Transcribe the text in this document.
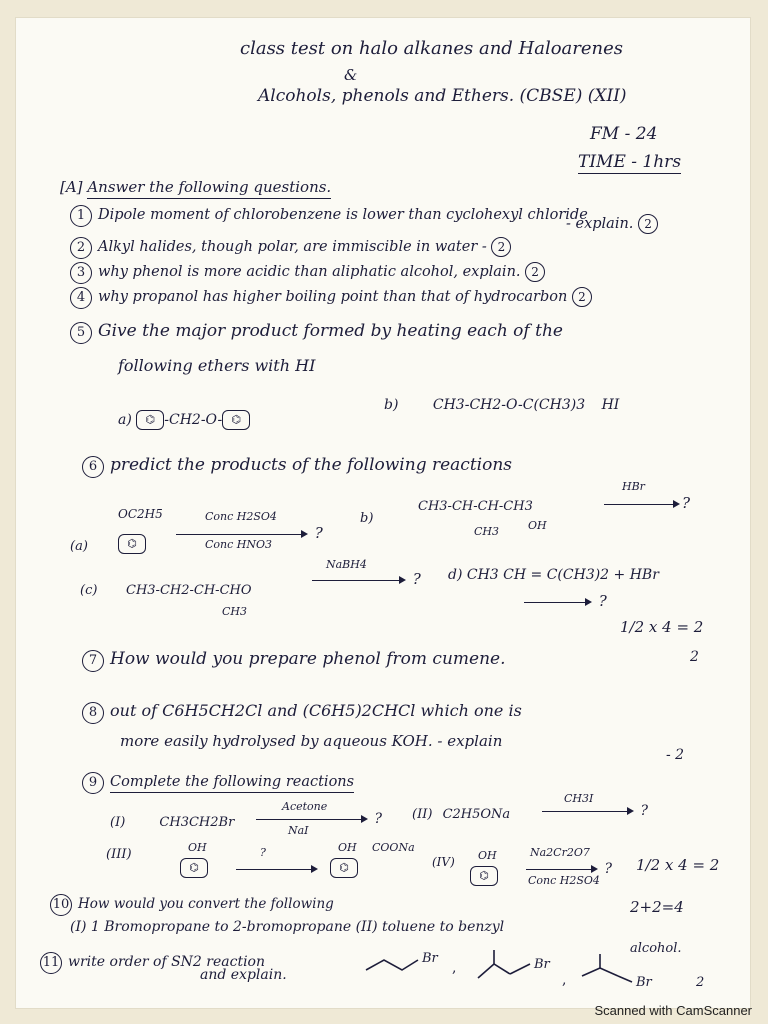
class test on halo alkanes and Haloarenes
&
Alcohols, phenols and Ethers. (CBSE) (XII)
FM - 24
TIME - 1hrs
[A] Answer the following questions.
1 Dipole moment of chlorobenzene is lower than cyclohexyl chloride
- explain. 2
2 Alkyl halides, though polar, are immiscible in water - 2
3 why phenol is more acidic than aliphatic alcohol, explain. 2
4 why propanol has higher boiling point than that of hydrocarbon 2
5 Give the major product formed by heating each of the
following ethers with HI
a) ⌬ -CH2-O- ⌬
b) CH3-CH2-O-C(CH3)3 HI
6 predict the products of the following reactions
(a)
OC2H5
⌬
Conc H2SO4
?
Conc HNO3
b)
CH3-CH-CH-CH3
CH3	OH
HBr
?
(c) CH3-CH2-CH-CHO
CH3
NaBH4
? d) CH3 CH = C(CH3)2 + HBr
?
1/2 x 4 = 2
7 How would you prepare phenol from cumene.	2
8 out of C6H5CH2Cl and (C6H5)2CHCl which one is
more easily hydrolysed by aqueous KOH. - explain
- 2
9 Complete the following reactions
(I)	CH3CH2Br
Acetone
?
NaI
(II) C2H5ONa
CH3I
?
(III)	OH
⌬
?	OH COONa
⌬	(IV) OH
⌬
Na2Cr2O7
?
Conc H2SO4
1/2 x 4 = 2
10 How would you convert the following	2+2=4
(I) 1 Bromopropane to 2-bromopropane (II) toluene to benzyl
alcohol.
11 write order of SN2 reaction
and explain.
Br
,	Br
,	Br	2
Scanned with CamScanner
